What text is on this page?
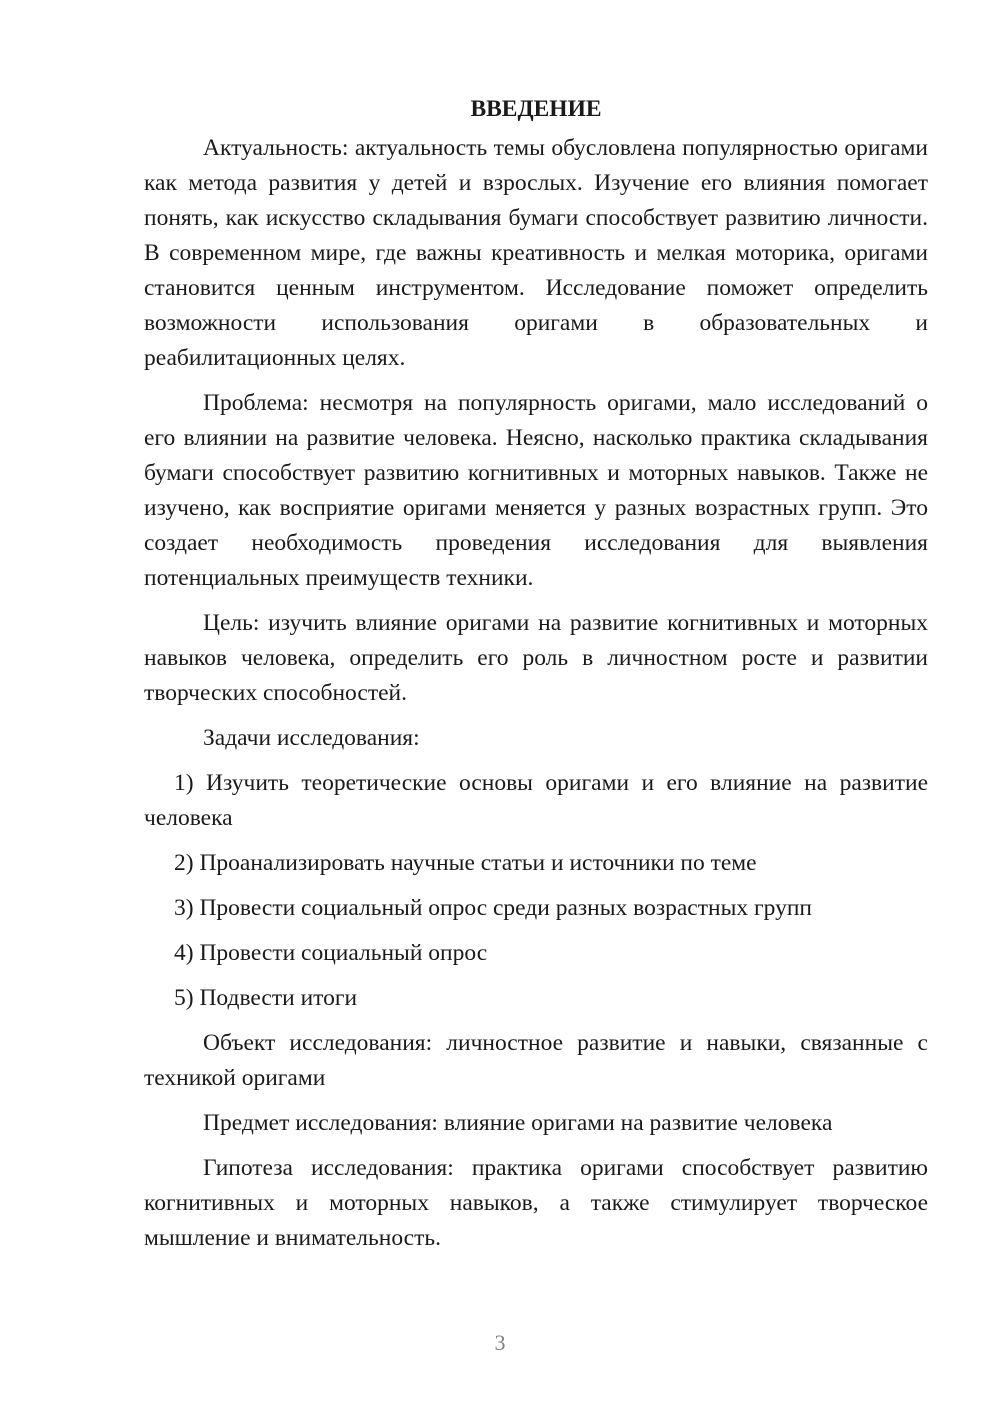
ВВЕДЕНИЕ

Актуальность: актуальность темы обусловлена популярностью оригами как метода развития у детей и взрослых. Изучение его влияния помогает понять, как искусство складывания бумаги способствует развитию личности. В современном мире, где важны креативность и мелкая моторика, оригами становится ценным инструментом. Исследование поможет определить возможности использования оригами в образовательных и реабилитационных целях.

Проблема: несмотря на популярность оригами, мало исследований о его влиянии на развитие человека. Неясно, насколько практика складывания бумаги способствует развитию когнитивных и моторных навыков. Также не изучено, как восприятие оригами меняется у разных возрастных групп. Это создает необходимость проведения исследования для выявления потенциальных преимуществ техники.

Цель: изучить влияние оригами на развитие когнитивных и моторных навыков человека, определить его роль в личностном росте и развитии творческих способностей.

Задачи исследования:

1) Изучить теоретические основы оригами и его влияние на развитие человека

2) Проанализировать научные статьи и источники по теме

3) Провести социальный опрос среди разных возрастных групп

4) Провести социальный опрос

5) Подвести итоги

Объект исследования: личностное развитие и навыки, связанные с техникой оригами

Предмет исследования: влияние оригами на развитие человека

Гипотеза исследования: практика оригами способствует развитию когнитивных и моторных навыков, а также стимулирует творческое мышление и внимательность.

3
